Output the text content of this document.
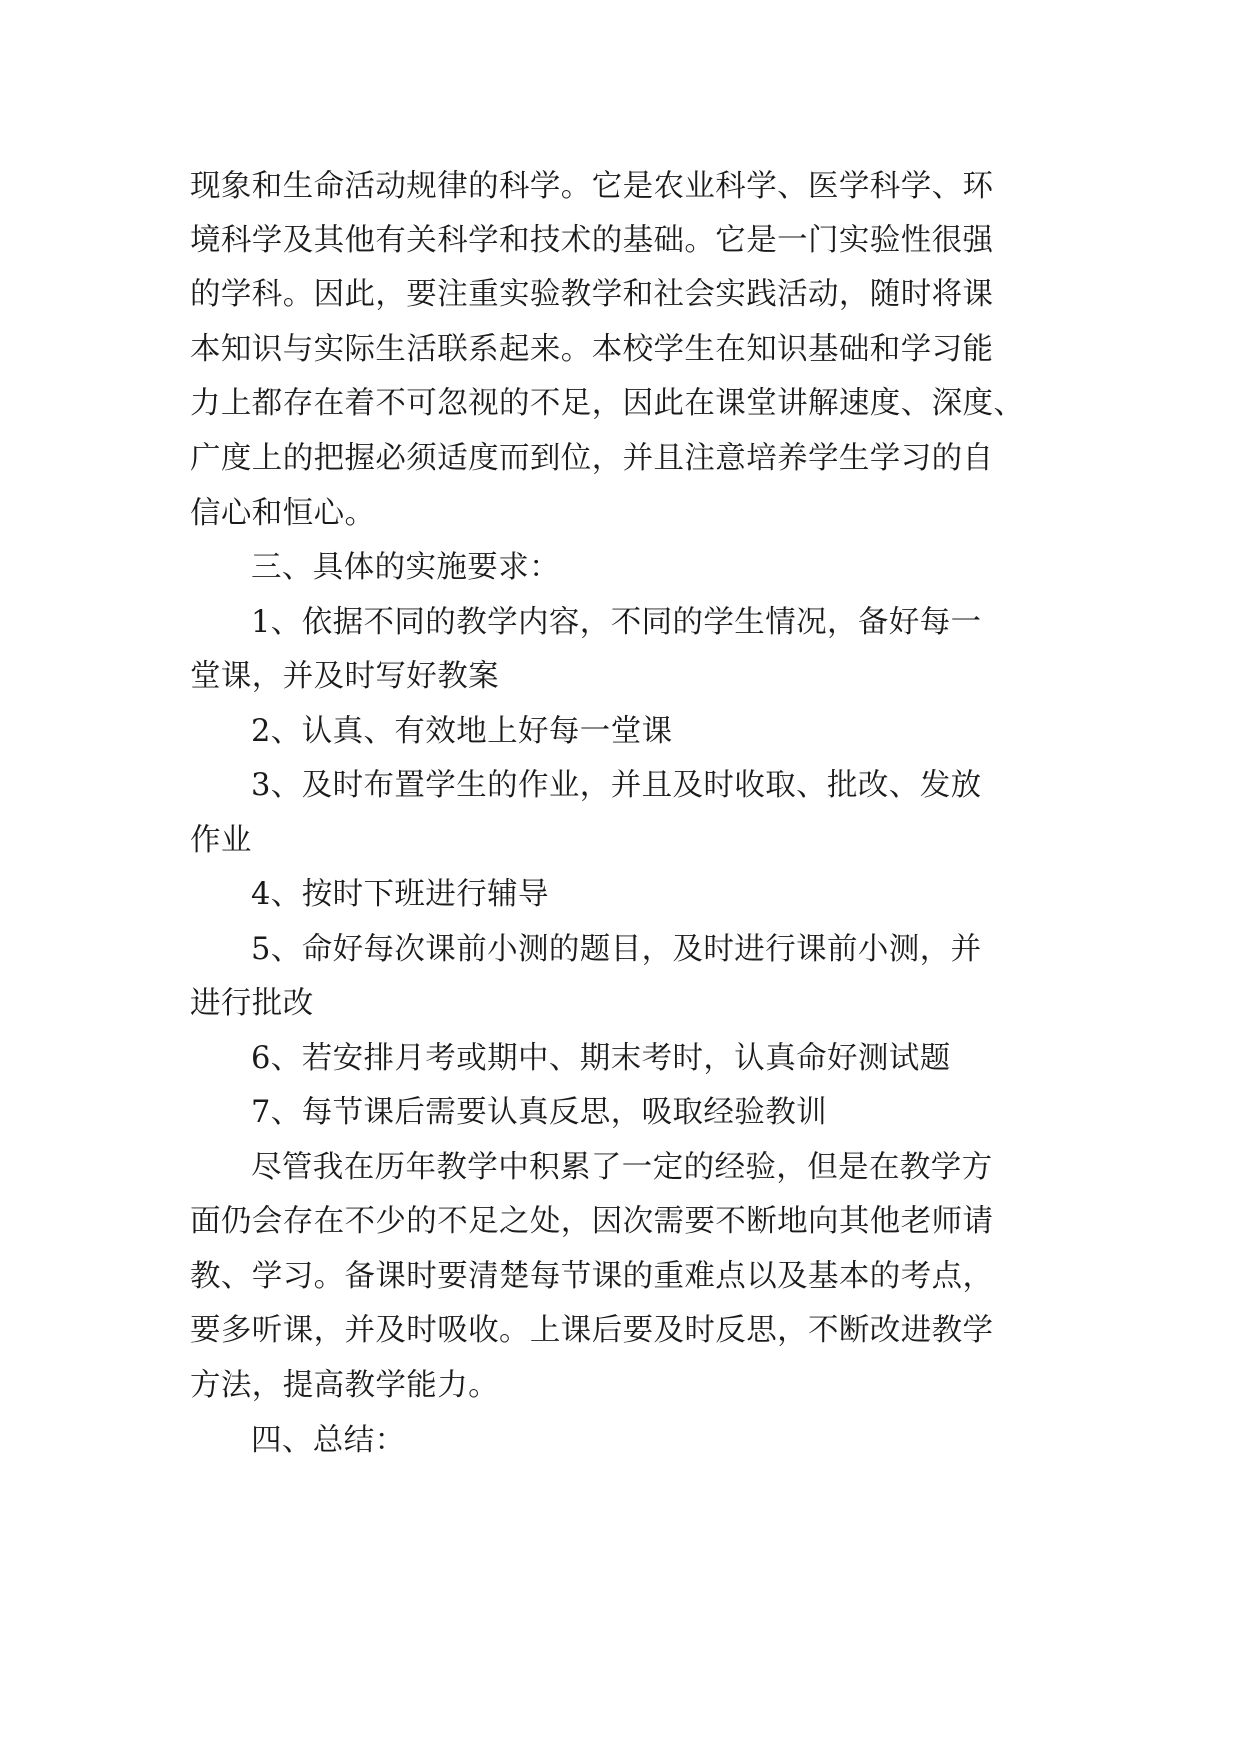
现象和生命活动规律的科学。它是农业科学、医学科学、环
境科学及其他有关科学和技术的基础。它是一门实验性很强
的学科。因此，要注重实验教学和社会实践活动，随时将课
本知识与实际生活联系起来。本校学生在知识基础和学习能
力上都存在着不可忽视的不足，因此在课堂讲解速度、深度、
广度上的把握必须适度而到位，并且注意培养学生学习的自
信心和恒心。
三、具体的实施要求：
1、依据不同的教学内容，不同的学生情况，备好每一
堂课，并及时写好教案
2、认真、有效地上好每一堂课
3、及时布置学生的作业，并且及时收取、批改、发放
作业
4、按时下班进行辅导
5、命好每次课前小测的题目，及时进行课前小测，并
进行批改
6、若安排月考或期中、期末考时，认真命好测试题
7、每节课后需要认真反思，吸取经验教训
尽管我在历年教学中积累了一定的经验，但是在教学方
面仍会存在不少的不足之处，因次需要不断地向其他老师请
教、学习。备课时要清楚每节课的重难点以及基本的考点，
要多听课，并及时吸收。上课后要及时反思，不断改进教学
方法，提高教学能力。
四、总结：
